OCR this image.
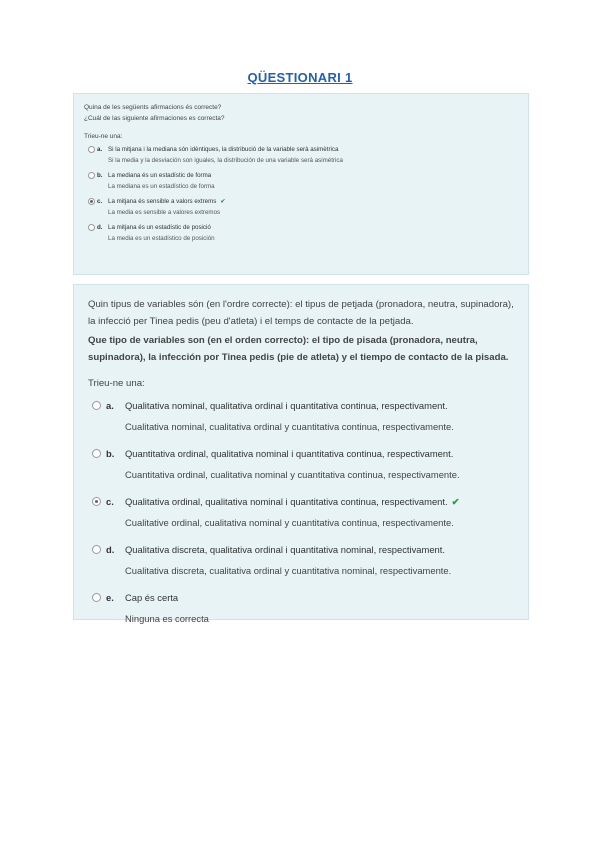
QÜESTIONARI 1
Quina de les següents afirmacions és correcte?
¿Cuál de las siguiente afirmaciones es correcta?
Trieu-ne una:
a. Si la mitjana i la mediana són idèntiques, la distribució de la variable serà asimètrica
Si la media y la desviación son iguales, la distribución de una variable será asimétrica
b. La mediana és un estadístic de forma
La mediana es un estadístico de forma
c. La mitjana és sensible a valors extrems ✔
La media es sensible a valores extremos
d. La mitjana és un estadístic de posició
La media es un estadístico de posición
Quin tipus de variables són (en l'ordre correcte): el tipus de petjada (pronadora, neutra, supinadora), la infecció per Tinea pedis (peu d'atleta) i el temps de contacte de la petjada.
Que tipo de variables son (en el orden correcto): el tipo de pisada (pronadora, neutra, supinadora), la infección por Tinea pedis (pie de atleta) y el tiempo de contacto de la pisada.
Trieu-ne una:
a. Qualitativa nominal, qualitativa ordinal i quantitativa continua, respectivament.
Cualitativa nominal, cualitativa ordinal y cuantitativa continua, respectivamente.
b. Quantitativa ordinal, qualitativa nominal i quantitativa continua, respectivament.
Cuantitativa ordinal, cualitativa nominal y cuantitativa continua, respectivamente.
c. Qualitativa ordinal, qualitativa nominal i quantitativa continua, respectivament. ✔
Cualitative ordinal, cualitativa nominal y cuantitativa continua, respectivamente.
d. Qualitativa discreta, qualitativa ordinal i quantitativa nominal, respectivament.
Cualitativa discreta, cualitativa ordinal y cuantitativa nominal, respectivamente.
e. Cap és certa
Ninguna es correcta
